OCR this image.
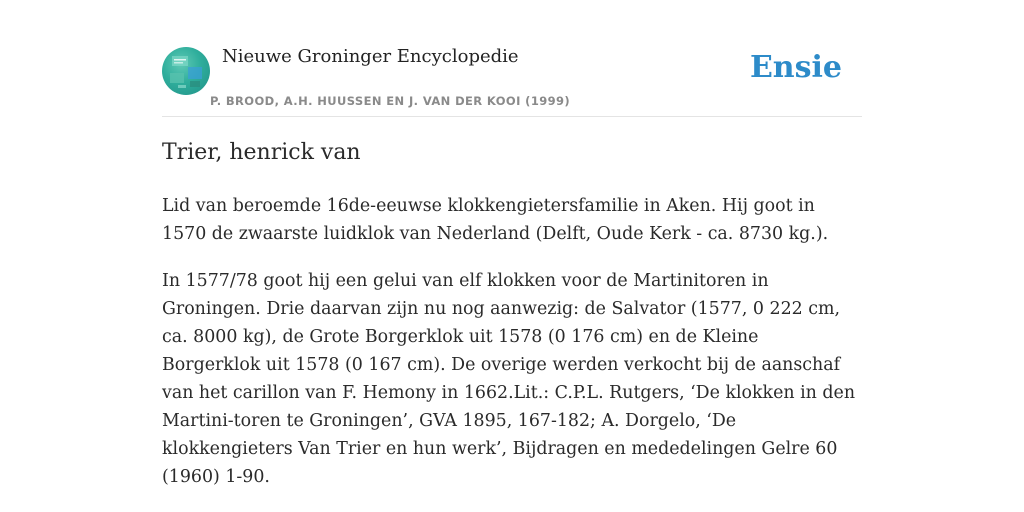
Nieuwe Groninger Encyclopedie
P. BROOD, A.H. HUUSSEN EN J. VAN DER KOOI (1999)
Ensie
Trier, henrick van

Lid van beroemde 16de-eeuwse klokkengietersfamilie in Aken. Hij goot in 1570 de zwaarste luidklok van Nederland (Delft, Oude Kerk - ca. 8730 kg.).

In 1577/78 goot hij een gelui van elf klokken voor de Martinitoren in Groningen. Drie daarvan zijn nu nog aanwezig: de Salvator (1577, 0 222 cm, ca. 8000 kg), de Grote Borgerklok uit 1578 (0 176 cm) en de Kleine Borgerklok uit 1578 (0 167 cm). De overige werden verkocht bij de aanschaf van het carillon van F. Hemony in 1662.Lit.: C.P.L. Rutgers, ‘De klokken in den Martini-toren te Groningen’, GVA 1895, 167-182; A. Dorgelo, ‘De klokkengieters Van Trier en hun werk’, Bijdragen en mededelingen Gelre 60 (1960) 1-90.
